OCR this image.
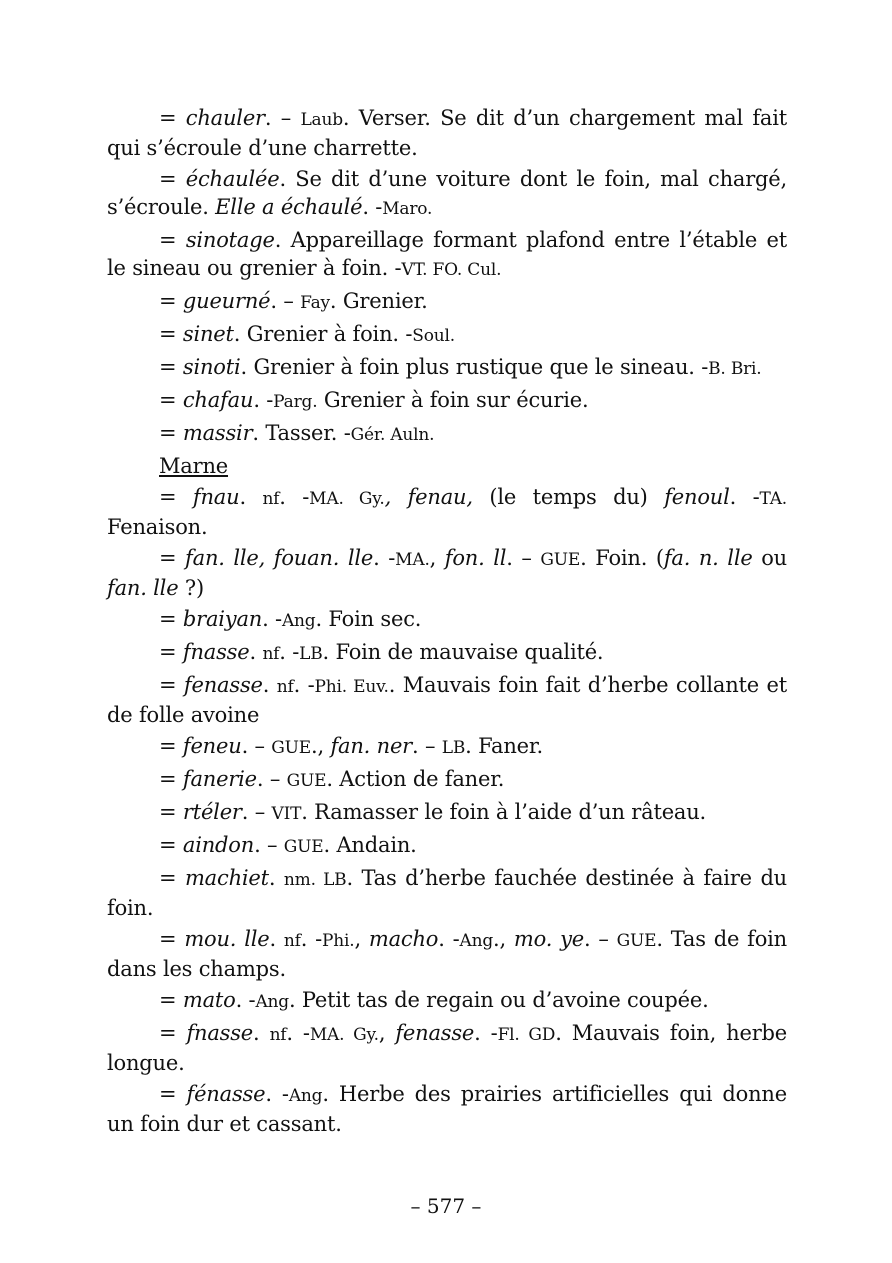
= chauler. – Laub. Verser. Se dit d’un chargement mal fait qui s’écroule d’une charrette.

= échaulée. Se dit d’une voiture dont le foin, mal chargé, s’écroule. Elle a échaulé. -Maro.

= sinotage. Appareillage formant plafond entre l’étable et le sineau ou grenier à foin. -VT. FO. Cul.

= gueurné. – Fay. Grenier.

= sinet. Grenier à foin. -Soul.

= sinoti. Grenier à foin plus rustique que le sineau. -B. Bri.

= chafau. -Parg. Grenier à foin sur écurie.

= massir. Tasser. -Gér. Auln.

Marne

= fnau. nf. -MA. Gy., fenau, (le temps du) fenoul. -TA. Fenaison.

= fan. lle, fouan. lle. -MA., fon. ll. – GUE. Foin. (fa. n. lle ou fan. lle ?)

= braiyan. -Ang. Foin sec.

= fnasse. nf. -LB. Foin de mauvaise qualité.

= fenasse. nf. -Phi. Euv.. Mauvais foin fait d’herbe collante et de folle avoine

= feneu. – GUE., fan. ner. – LB. Faner.

= fanerie. – GUE. Action de faner.

= rtéler. – VIT. Ramasser le foin à l’aide d’un râteau.

= aindon. – GUE. Andain.

= machiet. nm. LB. Tas d’herbe fauchée destinée à faire du foin.

= mou. lle. nf. -Phi., macho. -Ang., mo. ye. – GUE. Tas de foin dans les champs.

= mato. -Ang. Petit tas de regain ou d’avoine coupée.

= fnasse. nf. -MA. Gy., fenasse. -Fl. GD. Mauvais foin, herbe longue.

= fénasse. -Ang. Herbe des prairies artificielles qui donne un foin dur et cassant.

– 577 –
